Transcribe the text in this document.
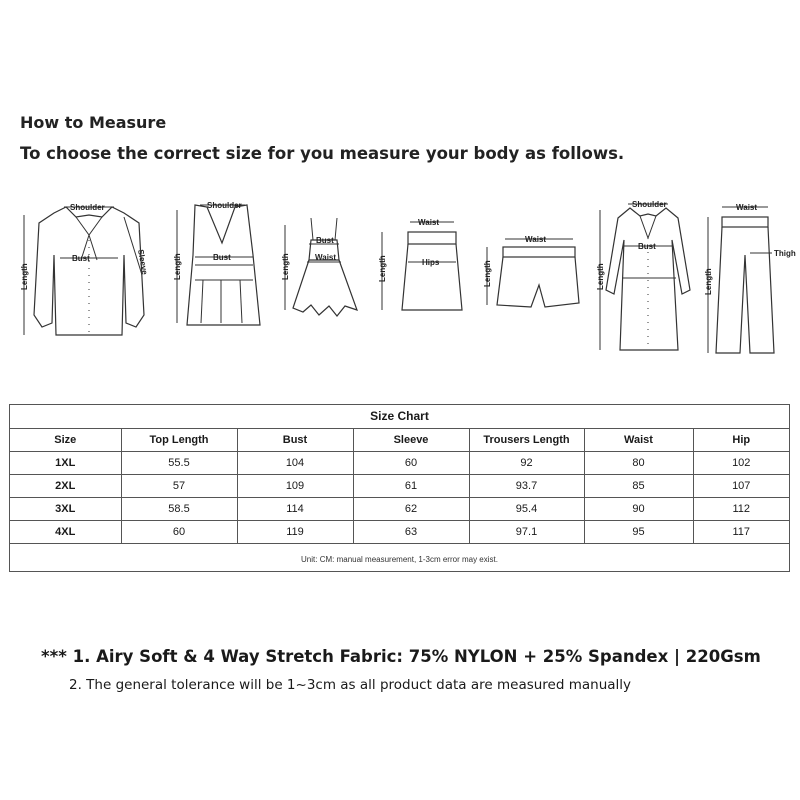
How to Measure
To choose the correct size for you measure your body as follows.
Shoulder
Bust	Sleeve
Length
Shoulder
Bust
Length
Bust
Waist
Length
Waist
Hips
Length
Waist
Length
Shoulder
Bust
Length
Waist
Thigh
Length
Size Chart
Size	Top Length	Bust	Sleeve	Trousers Length	Waist	Hip
1XL	55.5	104	60	92	80	102
2XL	57	109	61	93.7	85	107
3XL	58.5	114	62	95.4	90	112
4XL	60	119	63	97.1	95	117
Unit: CM: manual measurement, 1-3cm error may exist.
*** 1. Airy Soft & 4 Way Stretch Fabric: 75% NYLON + 25% Spandex | 220Gsm
2. The general tolerance will be 1~3cm as all product data are measured manually
